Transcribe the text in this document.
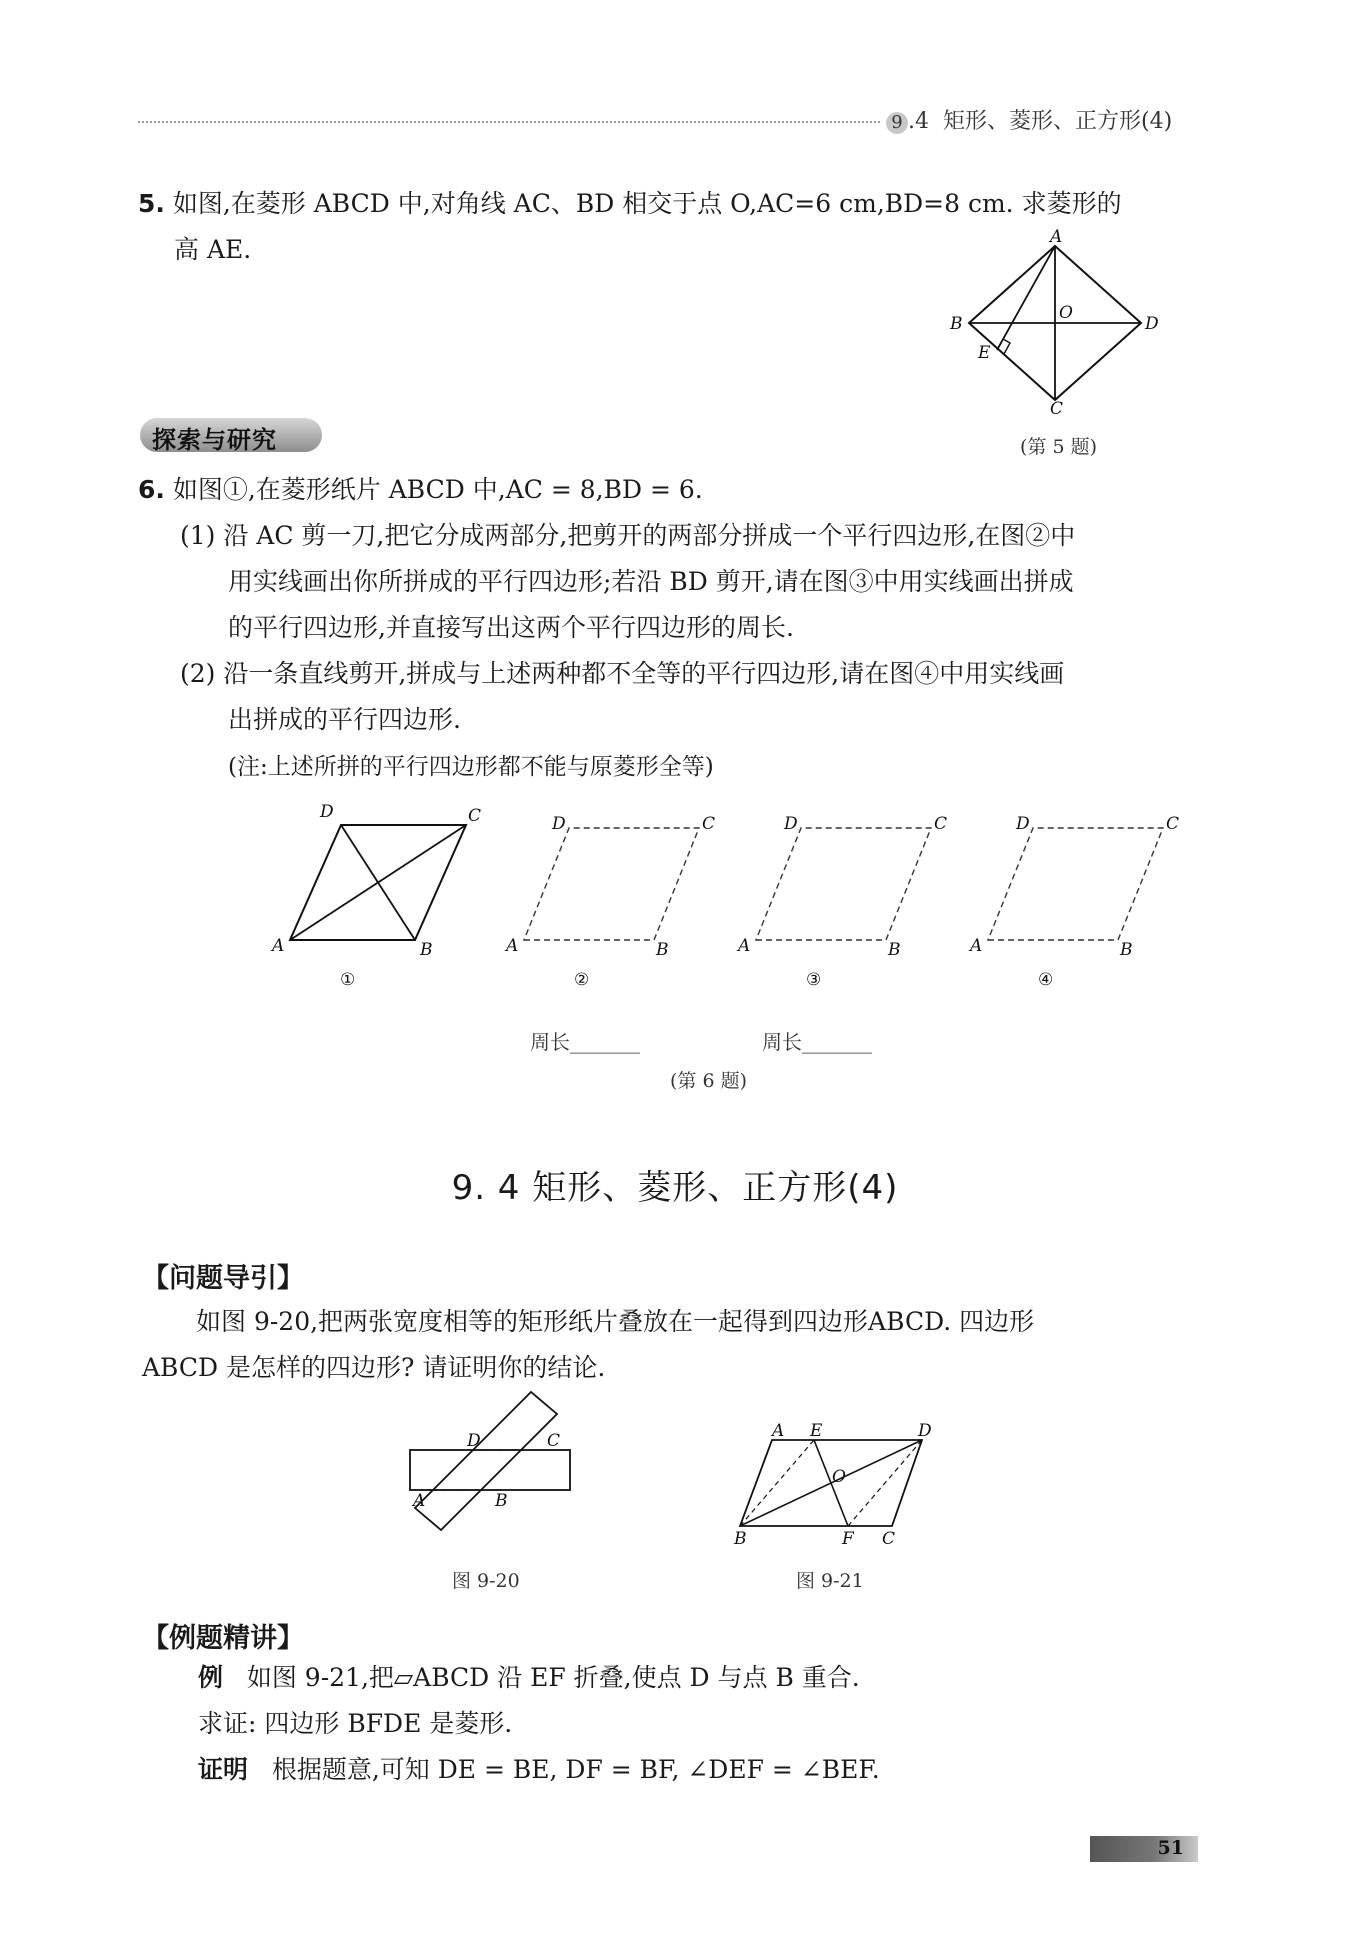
9 .4 矩形、菱形、正方形(4)
5. 如图,在菱形 ABCD 中,对角线 AC、BD 相交于点 O,AC=6 cm,BD=8 cm. 求菱形的
高 AE.	A
B
C
D
O
E
(第 5 题)
探索与研究
6. 如图①,在菱形纸片 ABCD 中,AC = 8,BD = 6.
(1) 沿 AC 剪一刀,把它分成两部分,把剪开的两部分拼成一个平行四边形,在图②中
用实线画出你所拼成的平行四边形;若沿 BD 剪开,请在图③中用实线画出拼成
的平行四边形,并直接写出这两个平行四边形的周长.
(2) 沿一条直线剪开,拼成与上述两种都不全等的平行四边形,请在图④中用实线画
出拼成的平行四边形.
(注:上述所拼的平行四边形都不能与原菱形全等)
A	B
C
D
①
A	B
C
D
②
A	B
C
D
③
A	B
C
D
④
周长_______	周长_______
(第 6 题)
9. 4 矩形、菱形、正方形(4)
【问题导引】
如图 9-20,把两张宽度相等的矩形纸片叠放在一起得到四边形ABCD. 四边形
ABCD 是怎样的四边形? 请证明你的结论.
D	C
A	B
图 9-20
A E	D
O
B	F C
图 9-21
【例题精讲】
例 如图 9-21,把▱ABCD 沿 EF 折叠,使点 D 与点 B 重合.
求证: 四边形 BFDE 是菱形.
证明 根据题意,可知 DE = BE, DF = BF, ∠DEF = ∠BEF.
51
